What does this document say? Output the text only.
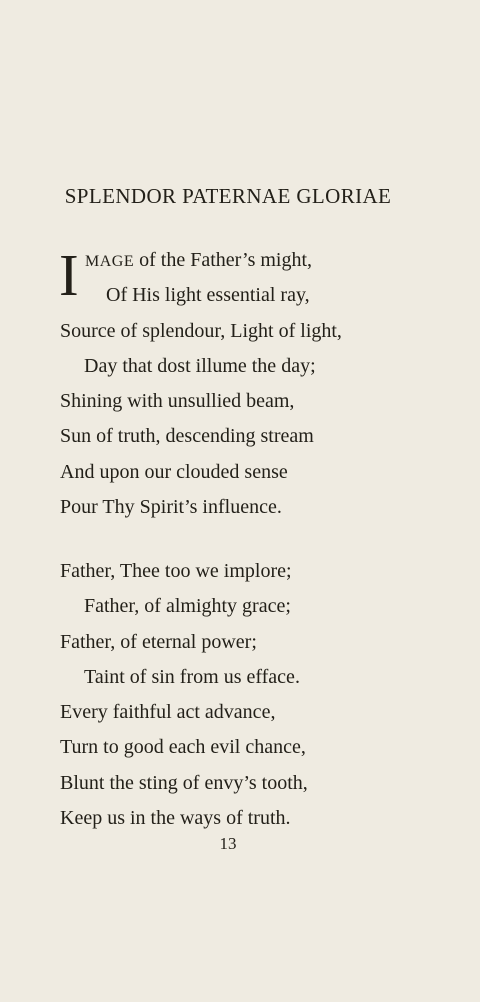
SPLENDOR PATERNAE GLORIAE
I MAGE of the Father’s might,
Of His light essential ray,
Source of splendour, Light of light,
Day that dost illume the day;
Shining with unsullied beam,
Sun of truth, descending stream
And upon our clouded sense
Pour Thy Spirit’s influence.
Father, Thee too we implore;
Father, of almighty grace;
Father, of eternal power;
Taint of sin from us efface.
Every faithful act advance,
Turn to good each evil chance,
Blunt the sting of envy’s tooth,
Keep us in the ways of truth.
13
